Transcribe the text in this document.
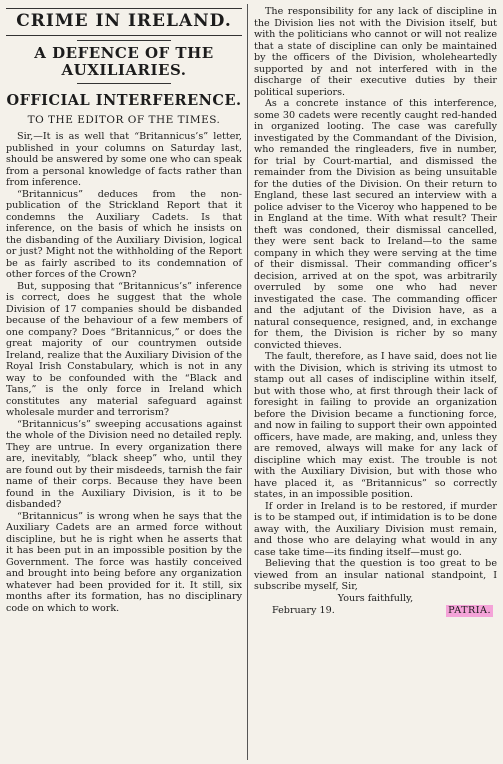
CRIME IN IRELAND.
A DEFENCE OF THE AUXILIARIES.
OFFICIAL INTERFERENCE.
TO THE EDITOR OF THE TIMES.

Sir,—It is as well that “Britannicus’s” letter, published in your columns on Saturday last, should be answered by some one who can speak from a personal knowledge of facts rather than from inference.

“Britannicus” deduces from the non-publication of the Strickland Report that it condemns the Auxiliary Cadets. Is that inference, on the basis of which he insists on the disbanding of the Auxiliary Division, logical or just? Might not the withholding of the Report be as fairly ascribed to its condemnation of other forces of the Crown?

But, supposing that “Britannicus’s” inference is correct, does he suggest that the whole Division of 17 companies should be disbanded because of the behaviour of a few members of one company? Does “Britannicus,” or does the great majority of our countrymen outside Ireland, realize that the Auxiliary Division of the Royal Irish Constabulary, which is not in any way to be confounded with the “Black and Tans,” is the only force in Ireland which constitutes any material safeguard against wholesale murder and terrorism?

“Britannicus’s” sweeping accusations against the whole of the Division need no detailed reply. They are untrue. In every organization there are, inevitably, “black sheep” who, until they are found out by their misdeeds, tarnish the fair name of their corps. Because they have been found in the Auxiliary Division, is it to be disbanded?

“Britannicus” is wrong when he says that the Auxiliary Cadets are an armed force without discipline, but he is right when he asserts that it has been put in an impossible position by the Government. The force was hastily conceived and brought into being before any organization whatever had been provided for it. It still, six months after its formation, has no disciplinary code on which to work.

The responsibility for any lack of discipline in the Division lies not with the Division itself, but with the politicians who cannot or will not realize that a state of discipline can only be maintained by the officers of the Division, wholeheartedly supported by and not interfered with in the discharge of their executive duties by their political superiors.

As a concrete instance of this interference, some 30 cadets were recently caught red-handed in organized looting. The case was carefully investigated by the Commandant of the Division, who remanded the ringleaders, five in number, for trial by Court-martial, and dismissed the remainder from the Division as being unsuitable for the duties of the Division. On their return to England, these last secured an interview with a police adviser to the Viceroy who happened to be in England at the time. With what result? Their theft was condoned, their dismissal cancelled, they were sent back to Ireland—to the same company in which they were serving at the time of their dismissal. Their commanding officer’s decision, arrived at on the spot, was arbitrarily overruled by some one who had never investigated the case. The commanding officer and the adjutant of the Division have, as a natural consequence, resigned, and, in exchange for them, the Division is richer by so many convicted thieves.

The fault, therefore, as I have said, does not lie with the Division, which is striving its utmost to stamp out all cases of indiscipline within itself, but with those who, at first through their lack of foresight in failing to provide an organization before the Division became a functioning force, and now in failing to support their own appointed officers, have made, are making, and, unless they are removed, always will make for any lack of discipline which may exist. The trouble is not with the Auxiliary Division, but with those who have placed it, as “Britannicus” so correctly states, in an impossible position.

If order in Ireland is to be restored, if murder is to be stamped out, if intimidation is to be done away with, the Auxiliary Division must remain, and those who are delaying what would in any case take time—its finding itself—must go.

Believing that the question is too great to be viewed from an insular national standpoint, I subscribe myself, Sir,

Yours faithfully,
February 19.	PATRIA.
